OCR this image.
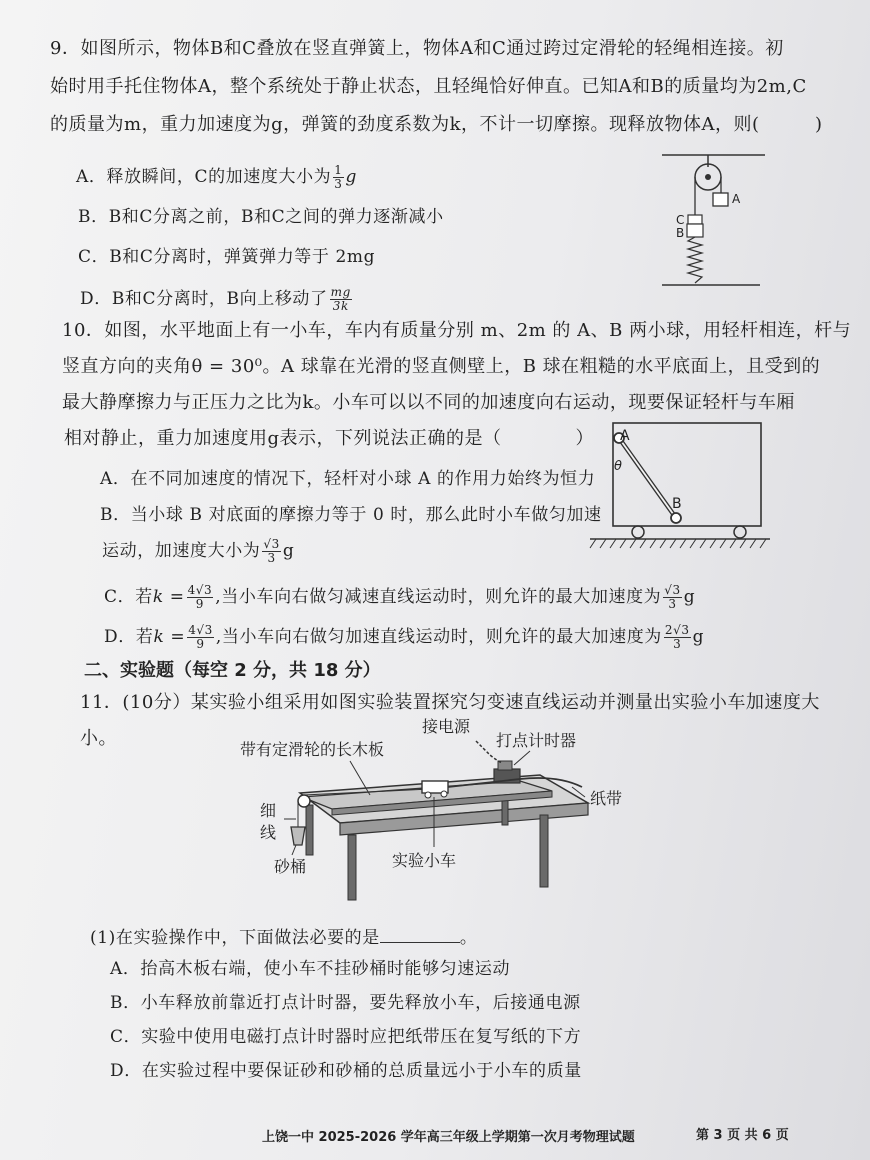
9．如图所示，物体B和C叠放在竖直弹簧上，物体A和C通过跨过定滑轮的轻绳相连接。初
始时用手托住物体A，整个系统处于静止状态，且轻绳恰好伸直。已知A和B的质量均为2m,C
的质量为m，重力加速度为g，弹簧的劲度系数为k，不计一切摩擦。现释放物体A，则(　　　)
A．释放瞬间，C的加速度大小为 $\frac{1}{3}$ g
B．B和C分离之前，B和C之间的弹力逐渐减小
C．B和C分离时，弹簧弹力等于 2mg
D．B和C分离时，B向上移动了 $\frac{mg}{3k}$
A
C
B
10．如图，水平地面上有一小车，车内有质量分别 m、2m 的 A、B 两小球，用轻杆相连，杆与
竖直方向的夹角θ = 30⁰。A 球靠在光滑的竖直侧壁上，B 球在粗糙的水平底面上，且受到的
最大静摩擦力与正压力之比为k。小车可以以不同的加速度向右运动，现要保证轻杆与车厢
相对静止，重力加速度用g表示，下列说法正确的是（　　　　）
A．在不同加速度的情况下，轻杆对小球 A 的作用力始终为恒力
B．当小球 B 对底面的摩擦力等于 0 时，那么此时小车做匀加速
运动，加速度大小为 $\frac{√3}{3}$ g
C．若$k = \frac{4√3}{9}$ ,当小车向右做匀减速直线运动时，则允许的最大加速度为 $\frac{√3}{3}$ g
D．若$k = \frac{4√3}{9}$ ,当小车向右做匀加速直线运动时，则允许的最大加速度为 $\frac{2√3}{3}$ g
A
θ
B
二、实验题（每空 2 分，共 18 分）
11．(10分）某实验小组采用如图实验装置探究匀变速直线运动并测量出实验小车加速度大
小。
带有定滑轮的长木板
接电源
打点计时器
纸带
细
线
实验小车
砂桶
(1)在实验操作中，下面做法必要的是	。
A．抬高木板右端，使小车不挂砂桶时能够匀速运动
B．小车释放前靠近打点计时器，要先释放小车，后接通电源
C．实验中使用电磁打点计时器时应把纸带压在复写纸的下方
D．在实验过程中要保证砂和砂桶的总质量远小于小车的质量
上饶一中 2025-2026 学年高三年级上学期第一次月考物理试题	第 3 页 共 6 页
